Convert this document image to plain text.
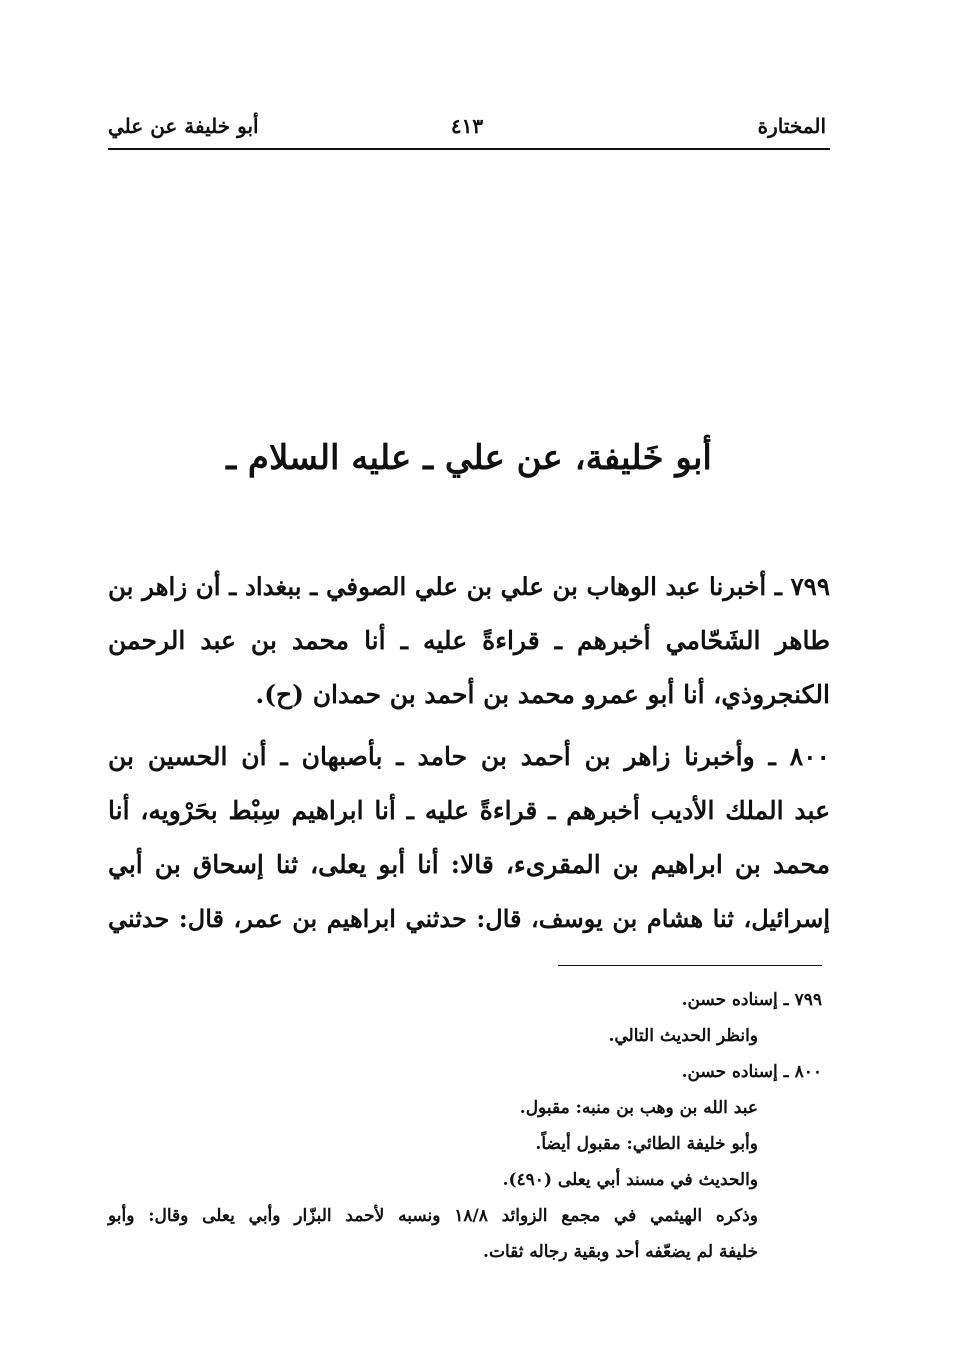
المختارة
٤١٣
أبو خليفة عن علي
أبو خَليفة، عن علي ـ عليه السلام ـ
٧٩٩ ـ أخبرنا عبد الوهاب بن علي بن علي الصوفي ـ ببغداد ـ أن زاهر بن
طاهر الشَحّامي أخبرهم ـ قراءةً عليه ـ أنا محمد بن عبد الرحمن
الكنجروذي، أنا أبو عمرو محمد بن أحمد بن حمدان (ح).
٨٠٠ ـ وأخبرنا زاهر بن أحمد بن حامد ـ بأصبهان ـ أن الحسين بن
عبد الملك الأديب أخبرهم ـ قراءةً عليه ـ أنا ابراهيم سِبْط بحَرْويه، أنا
محمد بن ابراهيم بن المقرىء، قالا: أنا أبو يعلى، ثنا إسحاق بن أبي
إسرائيل، ثنا هشام بن يوسف، قال: حدثني ابراهيم بن عمر، قال: حدثني
٧٩٩ ـ إسناده حسن.
وانظر الحديث التالي.
٨٠٠ ـ إسناده حسن.
عبد الله بن وهب بن منبه: مقبول.
وأبو خليفة الطائي: مقبول أيضاً.
والحديث في مسند أبي يعلى (٤٩٠).
وذكره الهيثمي في مجمع الزوائد ١٨/٨ ونسبه لأحمد البزّار وأبي يعلى وقال: وأبو
خليفة لم يضعّفه أحد وبقية رجاله ثقات.
